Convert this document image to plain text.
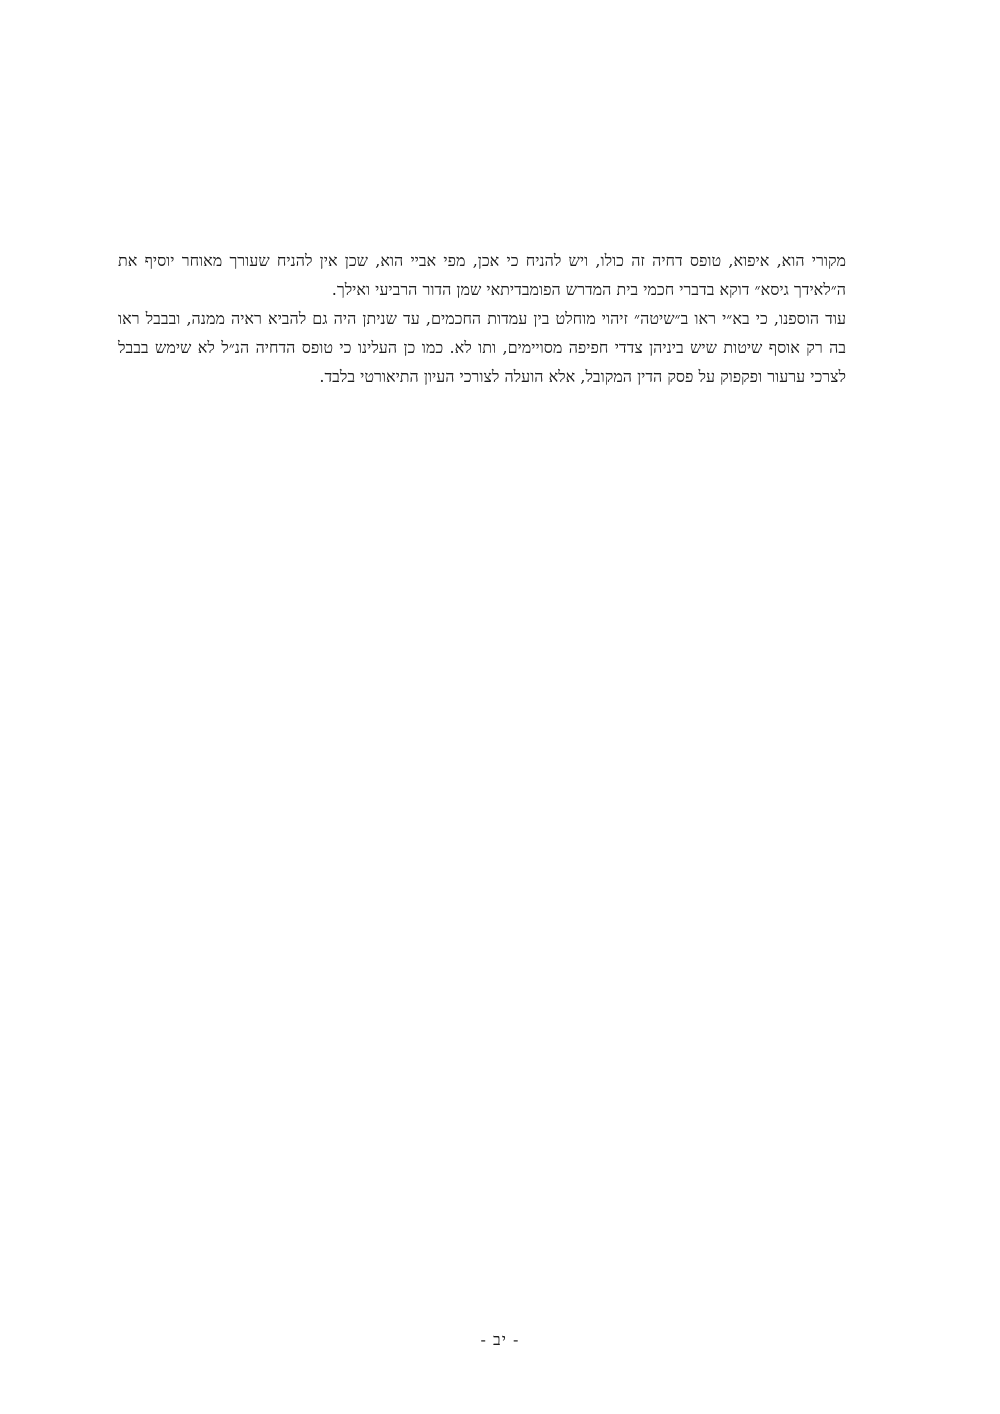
מקורי הוא, איפוא, טופס דחיה זה כולו, ויש להניח כי אכן, מפי אביי הוא, שכן אין להניח שעורך מאוחר יוסיף את ה״לאידך גיסא״ דוקא בדברי חכמי בית המדרש הפומבדיתאי שמן הדור הרביעי ואילך.

עוד הוספנו, כי בא״י ראו ב״שיטה״ זיהוי מוחלט בין עמדות החכמים, עד שניתן היה גם להביא ראיה ממנה, ובבבל ראו בה רק אוסף שיטות שיש ביניהן צדדי חפיפה מסויימים, ותו לא. כמו כן העלינו כי טופס הדחיה הנ״ל לא שימש בבבל לצרכי ערעור ופקפוק על פסק הדין המקובל, אלא הועלה לצורכי העיון התיאורטי בלבד.

- יב -
